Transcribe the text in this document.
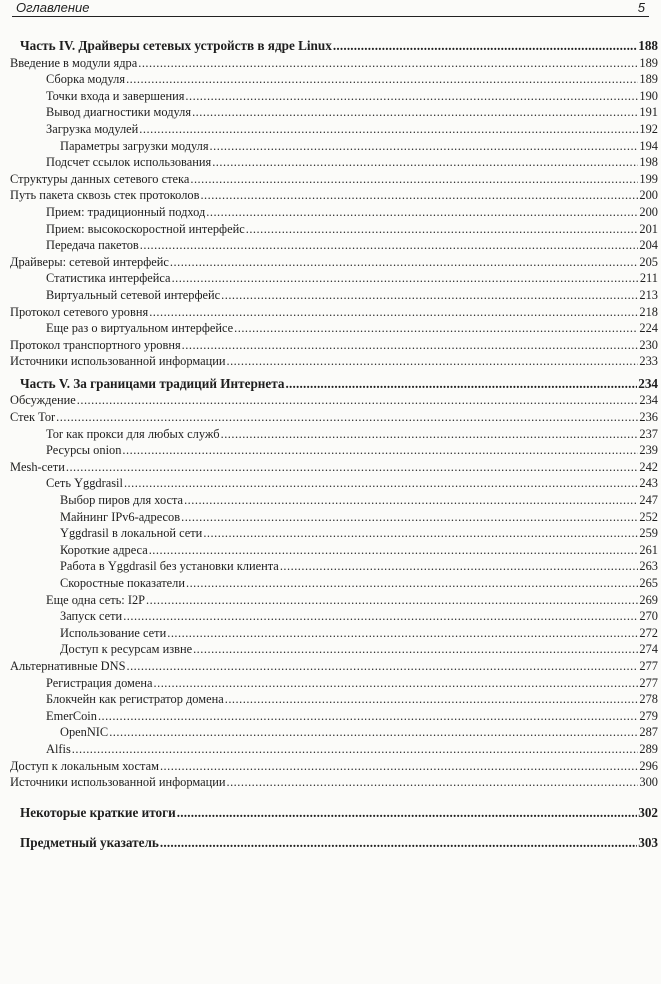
Оглавление	5
Часть IV. Драйверы сетевых устройств в ядре Linux .....	188
Введение в модули ядра .....	189
Сборка модуля .....	189
Точки входа и завершения .....	190
Вывод диагностики модуля .....	191
Загрузка модулей .....	192
Параметры загрузки модуля .....	194
Подсчет ссылок использования .....	198
Структуры данных сетевого стека .....	199
Путь пакета сквозь стек протоколов .....	200
Прием: традиционный подход .....	200
Прием: высокоскоростной интерфейс .....	201
Передача пакетов .....	204
Драйверы: сетевой интерфейс .....	205
Статистика интерфейса .....	211
Виртуальный сетевой интерфейс .....	213
Протокол сетевого уровня .....	218
Еще раз о виртуальном интерфейсе .....	224
Протокол транспортного уровня .....	230
Источники использованной информации .....	233
Часть V. За границами традиций Интернета .....	234
Обсуждение .....	234
Стек Tor .....	236
Tor как прокси для любых служб .....	237
Ресурсы onion .....	239
Mesh-сети .....	242
Сеть Yggdrasil .....	243
Выбор пиров для хоста .....	247
Майнинг IPv6-адресов .....	252
Yggdrasil в локальной сети .....	259
Короткие адреса .....	261
Работа в Yggdrasil без установки клиента .....	263
Скоростные показатели .....	265
Еще одна сеть: I2P .....	269
Запуск сети .....	270
Использование сети .....	272
Доступ к ресурсам извне .....	274
Альтернативные DNS .....	277
Регистрация домена .....	277
Блокчейн как регистратор домена .....	278
EmerCoin .....	279
OpenNIC .....	287
Alfis .....	289
Доступ к локальным хостам .....	296
Источники использованной информации .....	300
Некоторые краткие итоги .....	302
Предметный указатель .....	303
